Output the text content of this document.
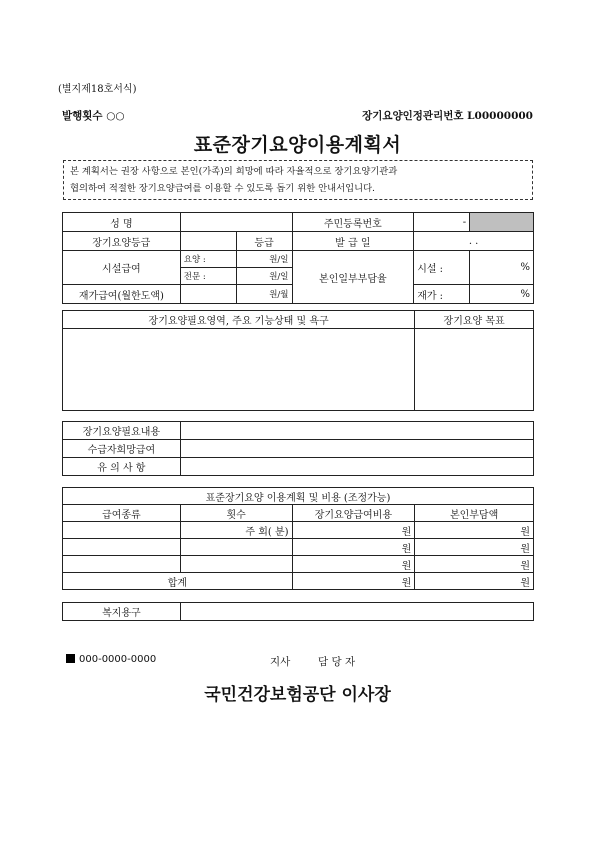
(별지제18호서식)
발행횟수 ○○	장기요양인정관리번호 L00000000
표준장기요양이용계획서
본 계획서는 권장 사항으로 본인(가족)의 희망에 따라 자율적으로 장기요양기관과
협의하여 적절한 장기요양급여를 이용할 수 있도록 돕기 위한 안내서입니다.
성 명			주민등록번호	-	
장기요양등급		등급	발 급 일	. .	
시설급여	요양 :	원/일	본인일부부담율	시설 :	%
	전문 :	원/일			
재가급여(월한도액)		원/월		재가 :	%
장기요양필요영역, 주요 기능상태 및 욕구	장기요양 목표

장기요양필요내용	
수급자희망급여	
유 의 사 항	
표준장기요양 이용계획 및 비용 (조정가능)			
급여종류	횟수	장기요양급여비용	본인부담액
	주 회( 분)	원	원
		원	원
		원	원
합계		원	원
복지용구	
000-0000-0000	지사	담 당 자
국민건강보험공단 이사장
